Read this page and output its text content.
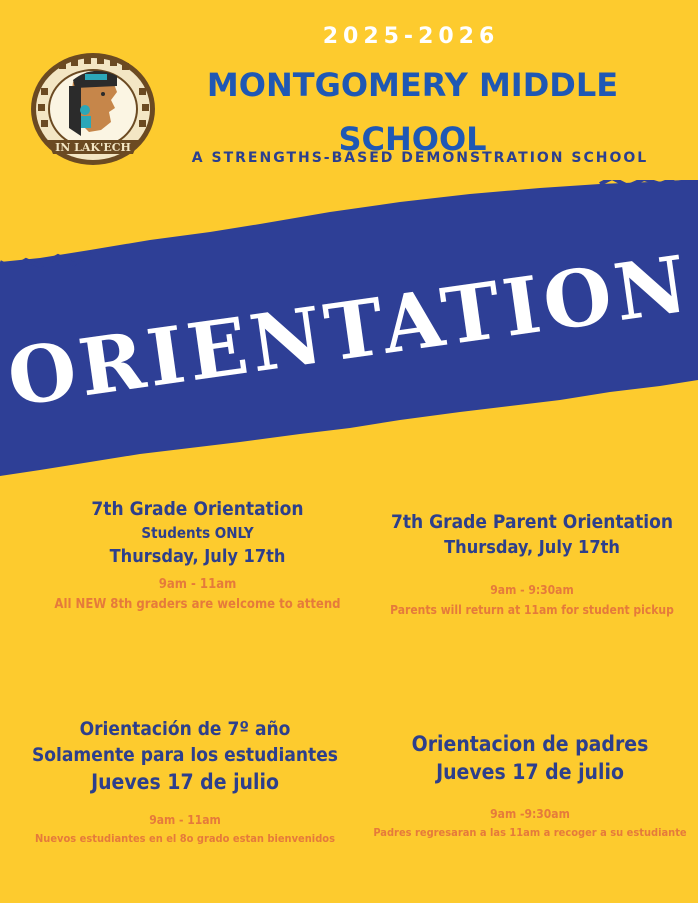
IN LAK'ECH
2025-2026
MONTGOMERY MIDDLE
SCHOOL
A STRENGTHS-BASED DEMONSTRATION SCHOOL
ORIENTATION
7th Grade Orientation
Students ONLY
Thursday, July 17th
9am - 11am
All NEW 8th graders are welcome to attend
7th Grade Parent Orientation
Thursday, July 17th
9am - 9:30am
Parents will return at 11am for student pickup
Orientación de 7º año
Solamente para los estudiantes
Jueves 17 de julio
9am - 11am
Nuevos estudiantes en el 8o grado estan bienvenidos
Orientacion de padres
Jueves 17 de julio
9am -9:30am
Padres regresaran a las 11am a recoger a su estudiante
